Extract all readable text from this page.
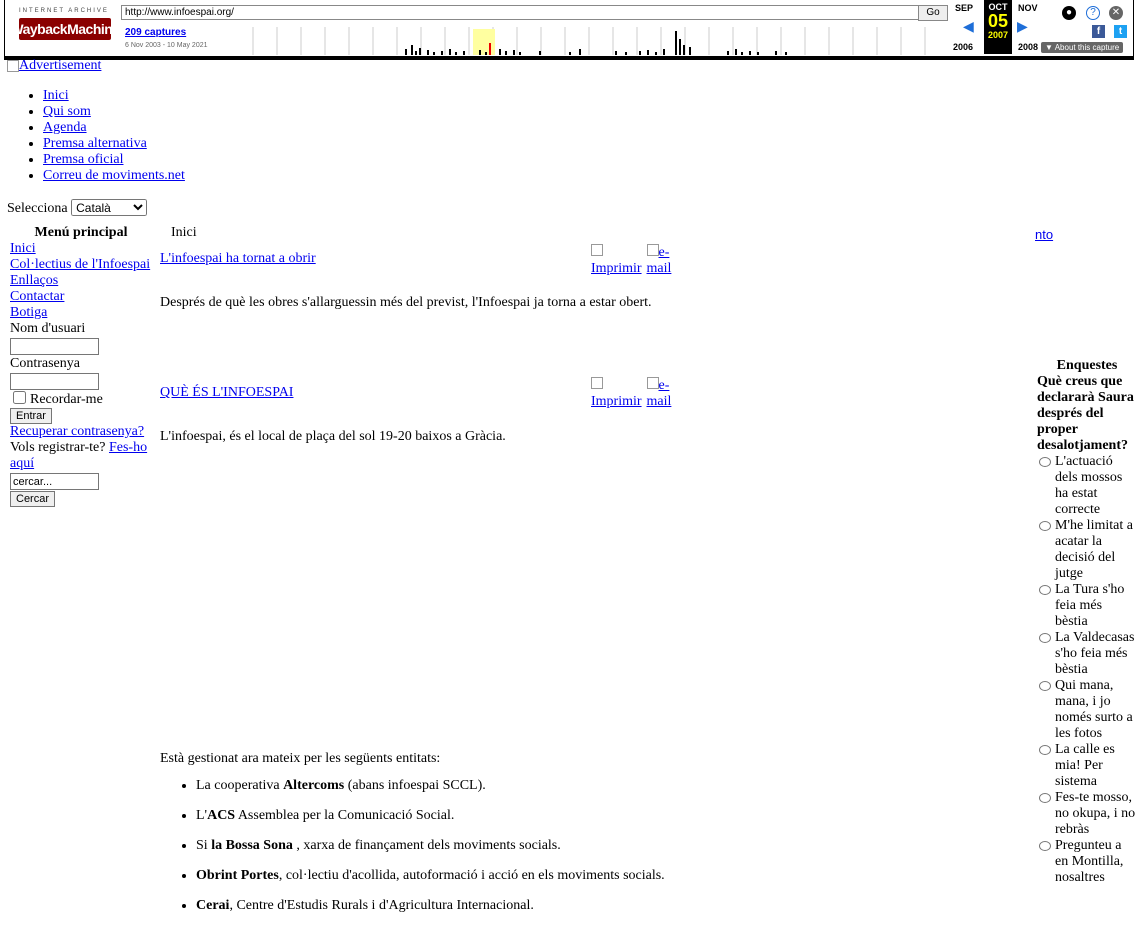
INTERNET ARCHIVE
WaybackMachine
http://www.infoespai.org/	Go
209 captures
6 Nov 2003 - 10 May 2021
SEP
◀
2006
OCT
05
2007
NOV
▶
2008 ▼ About this capture
●	?	✕
f	t
Advertisement
• Inici
• Qui som
• Agenda
• Premsa alternativa
• Premsa oficial
• Correu de moviments.net
Selecciona
Català
Menú principal
Inici
Col·lectius de l'Infoespai
Enllaços
Contactar
Botiga
Nom d'usuari
Contrasenya
Recordar-me
Entrar
Recuperar contrasenya?
Vols registrar-te? Fes-ho aquí
cercar...
Cercar
Inici
L'infoespai ha tornat a obrir

Imprimir e-mail
Després de què les obres s'allarguessin més del previst, l'Infoespai ja torna a estar obert.
QUÈ ÉS L'INFOESPAI

Imprimir e-mail
L'infoespai, és el local de plaça del sol 19-20 baixos a Gràcia.
Està gestionat ara mateix per les següents entitats:
• La cooperativa Altercoms (abans infoespai SCCL).
• L'ACS Assemblea per la Comunicació Social.
• Si la Bossa Sona , xarxa de finançament dels moviments socials.
• Obrint Portes, col·lectiu d'acollida, autoformació i acció en els moviments socials.
• Cerai, Centre d'Estudis Rurals i d'Agricultura Internacional.
nto
Enquestes
Què creus que declararà Saura després del proper desalotjament?
L'actuació dels mossos ha estat correcte
M'he limitat a acatar la decisió del jutge
La Tura s'ho feia més bèstia
La Valdecasas s'ho feia més bèstia
Qui mana, mana, i jo només surto a les fotos
La calle es mia! Per sistema
Fes-te mosso, no okupa, i no rebràs
Pregunteu a en Montilla, nosaltres
